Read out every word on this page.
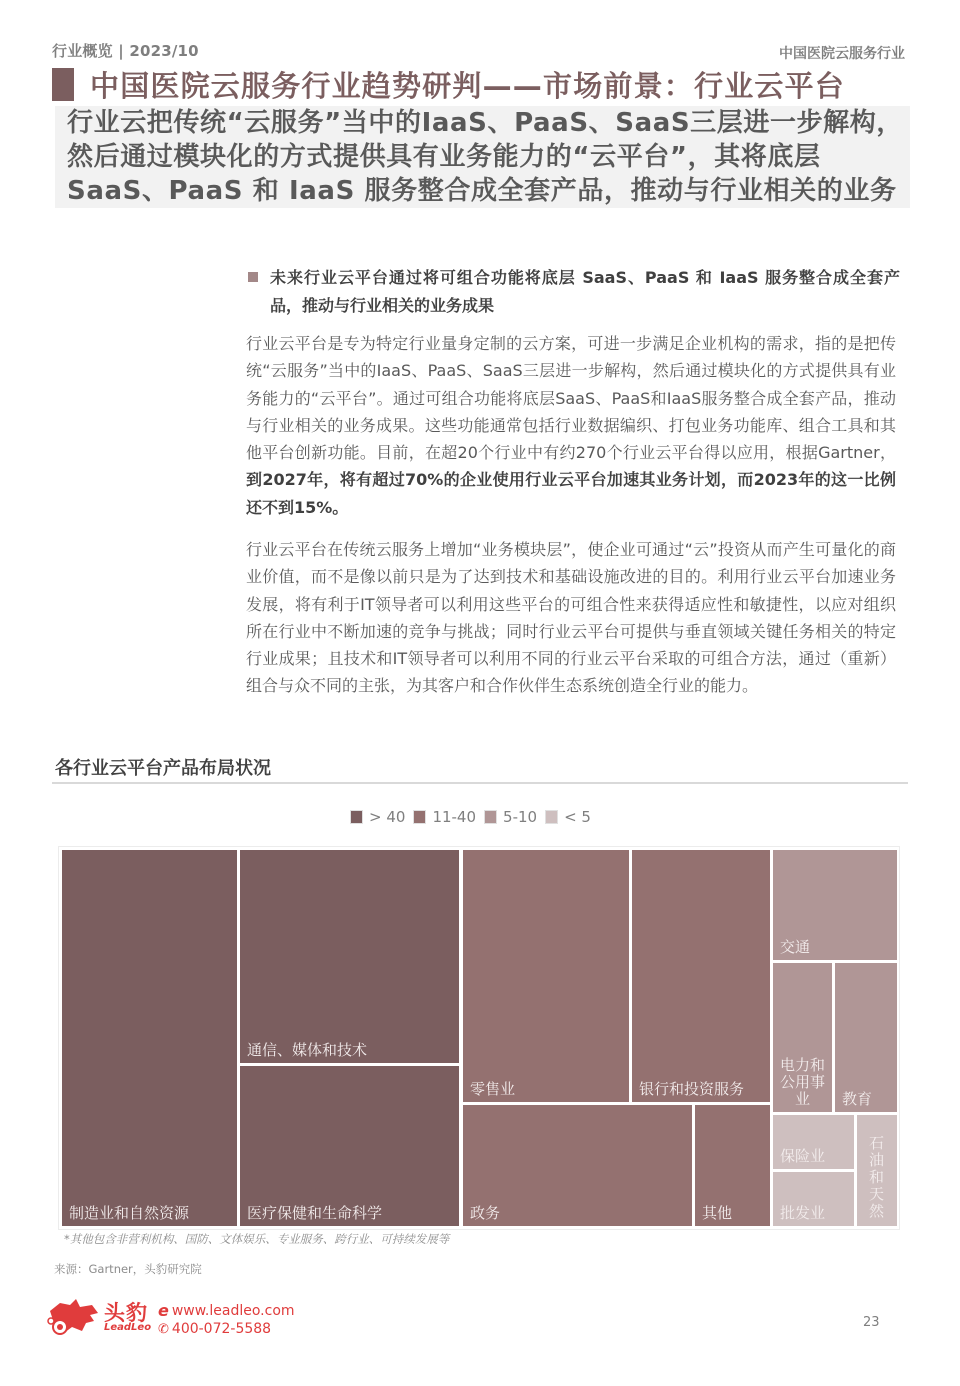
行业概览 | 2023/10	中国医院云服务行业
中国医院云服务行业趋势研判——市场前景：行业云平台
行业云把传统“云服务”当中的IaaS、PaaS、SaaS三层进一步解构，
然后通过模块化的方式提供具有业务能力的“云平台”，其将底层
SaaS、PaaS 和 IaaS 服务整合成全套产品，推动与行业相关的业务
未来行业云平台通过将可组合功能将底层 SaaS、PaaS 和 IaaS 服务整合成全套产品，推动与行业相关的业务成果
行业云平台是专为特定行业量身定制的云方案，可进一步满足企业机构的需求，指的是把传统“云服务”当中的IaaS、PaaS、SaaS三层进一步解构，然后通过模块化的方式提供具有业务能力的“云平台”。通过可组合功能将底层SaaS、PaaS和IaaS服务整合成全套产品，推动与行业相关的业务成果。这些功能通常包括行业数据编织、打包业务功能库、组合工具和其他平台创新功能。目前，在超20个行业中有约270个行业云平台得以应用，根据Gartner，到2027年，将有超过70%的企业使用行业云平台加速其业务计划，而2023年的这一比例还不到15%。
行业云平台在传统云服务上增加“业务模块层”，使企业可通过“云”投资从而产生可量化的商业价值，而不是像以前只是为了达到技术和基础设施改进的目的。利用行业云平台加速业务发展，将有利于IT领导者可以利用这些平台的可组合性来获得适应性和敏捷性，以应对组织所在行业中不断加速的竞争与挑战；同时行业云平台可提供与垂直领域关键任务相关的特定行业成果；且技术和IT领导者可以利用不同的行业云平台采取的可组合方法，通过（重新）组合与众不同的主张，为其客户和合作伙伴生态系统创造全行业的能力。
各行业云平台产品布局状况
> 40 11-40 5-10 < 5
制造业和自然资源
通信、媒体和技术
医疗保健和生命科学
零售业	银行和投资服务
政务	其他
交通
电力和公用事业	教育
保险业
批发业
石油和天然
*其他包含非营利机构、国防、文体娱乐、专业服务、跨行业、可持续发展等
来源：Gartner，头豹研究院
头豹
LeadLeo
e www.leadleo.com
✆ 400-072-5588	23
